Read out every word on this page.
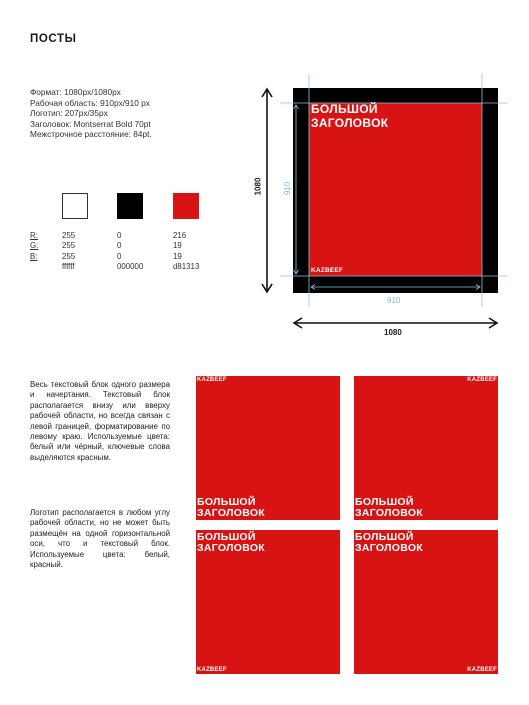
ПОСТЫ
Формат: 1080px/1080px
Рабочая область: 910px/910 px
Логотип: 207px/35px
Заголовок: Montserrat Bold 70pt
Межстрочное расстояние: 84pt.
R:
G:
B:
255
255
255
ffffff
0
0
0
000000
216
19
19
d81313
БОЛЬШОЙ
ЗАГОЛОВОК
KAZBEEF
1080	910
910
1080
Весь текстовый блок одного размера и начертания. Текстовый блок располагается внизу или вверху рабочей области, но всегда связан с левой границей, форматирование по левому краю. Используемые цвета: белый или чёрный, ключевые слова выделяются красным.
Логотип располагается в любом углу рабочей области, но не может быть размещён на одной горизонтальной оси, что и текстовый блок. Используемые цвета: белый, красный.
KAZBEEF
БОЛЬШОЙ
ЗАГОЛОВОК
KAZBEEF
БОЛЬШОЙ
ЗАГОЛОВОК
БОЛЬШОЙ
ЗАГОЛОВОК
KAZBEEF
БОЛЬШОЙ
ЗАГОЛОВОК
KAZBEEF
